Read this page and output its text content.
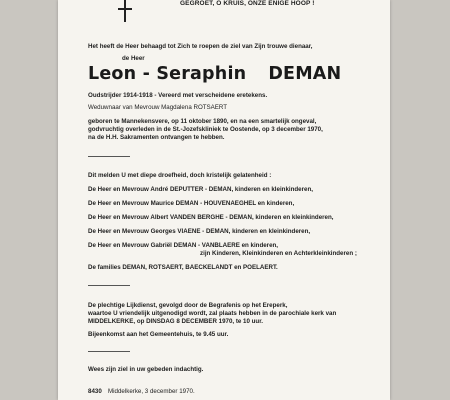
GEGROET, O KRUIS, ONZE ENIGE HOOP !
Het heeft de Heer behaagd tot Zich te roepen de ziel van Zijn trouwe dienaar,
de Heer
Leon - Seraphin DEMAN
Oudstrijder 1914-1918 - Vereerd met verscheidene eretekens.
Weduwnaar van Mevrouw Magdalena ROTSAERT
geboren te Mannekensvere, op 11 oktober 1890, en na een smartelijk ongeval,
godvruchtig overleden in de St.-Jozefskliniek te Oostende, op 3 december 1970,
na de H.H. Sakramenten ontvangen te hebben.
Dit melden U met diepe droefheid, doch kristelijk gelatenheid :
De Heer en Mevrouw André DEPUTTER - DEMAN, kinderen en kleinkinderen,
De Heer en Mevrouw Maurice DEMAN - HOUVENAEGHEL en kinderen,
De Heer en Mevrouw Albert VANDEN BERGHE - DEMAN, kinderen en kleinkinderen,
De Heer en Mevrouw Georges VIAENE - DEMAN, kinderen en kleinkinderen,
De Heer en Mevrouw Gabriël DEMAN - VANBLAERE en kinderen,
zijn Kinderen, Kleinkinderen en Achterkleinkinderen ;
De families DEMAN, ROTSAERT, BAECKELANDT en POELAERT.
De plechtige Lijkdienst, gevolgd door de Begrafenis op het Ereperk,
waartoe U vriendelijk uitgenodigd wordt, zal plaats hebben in de parochiale kerk van
MIDDELKERKE, op DINSDAG 8 DECEMBER 1970, te 10 uur.
Bijeenkomst aan het Gemeentehuis, te 9.45 uur.
Wees zijn ziel in uw gebeden indachtig.
8430 Middelkerke, 3 december 1970.
